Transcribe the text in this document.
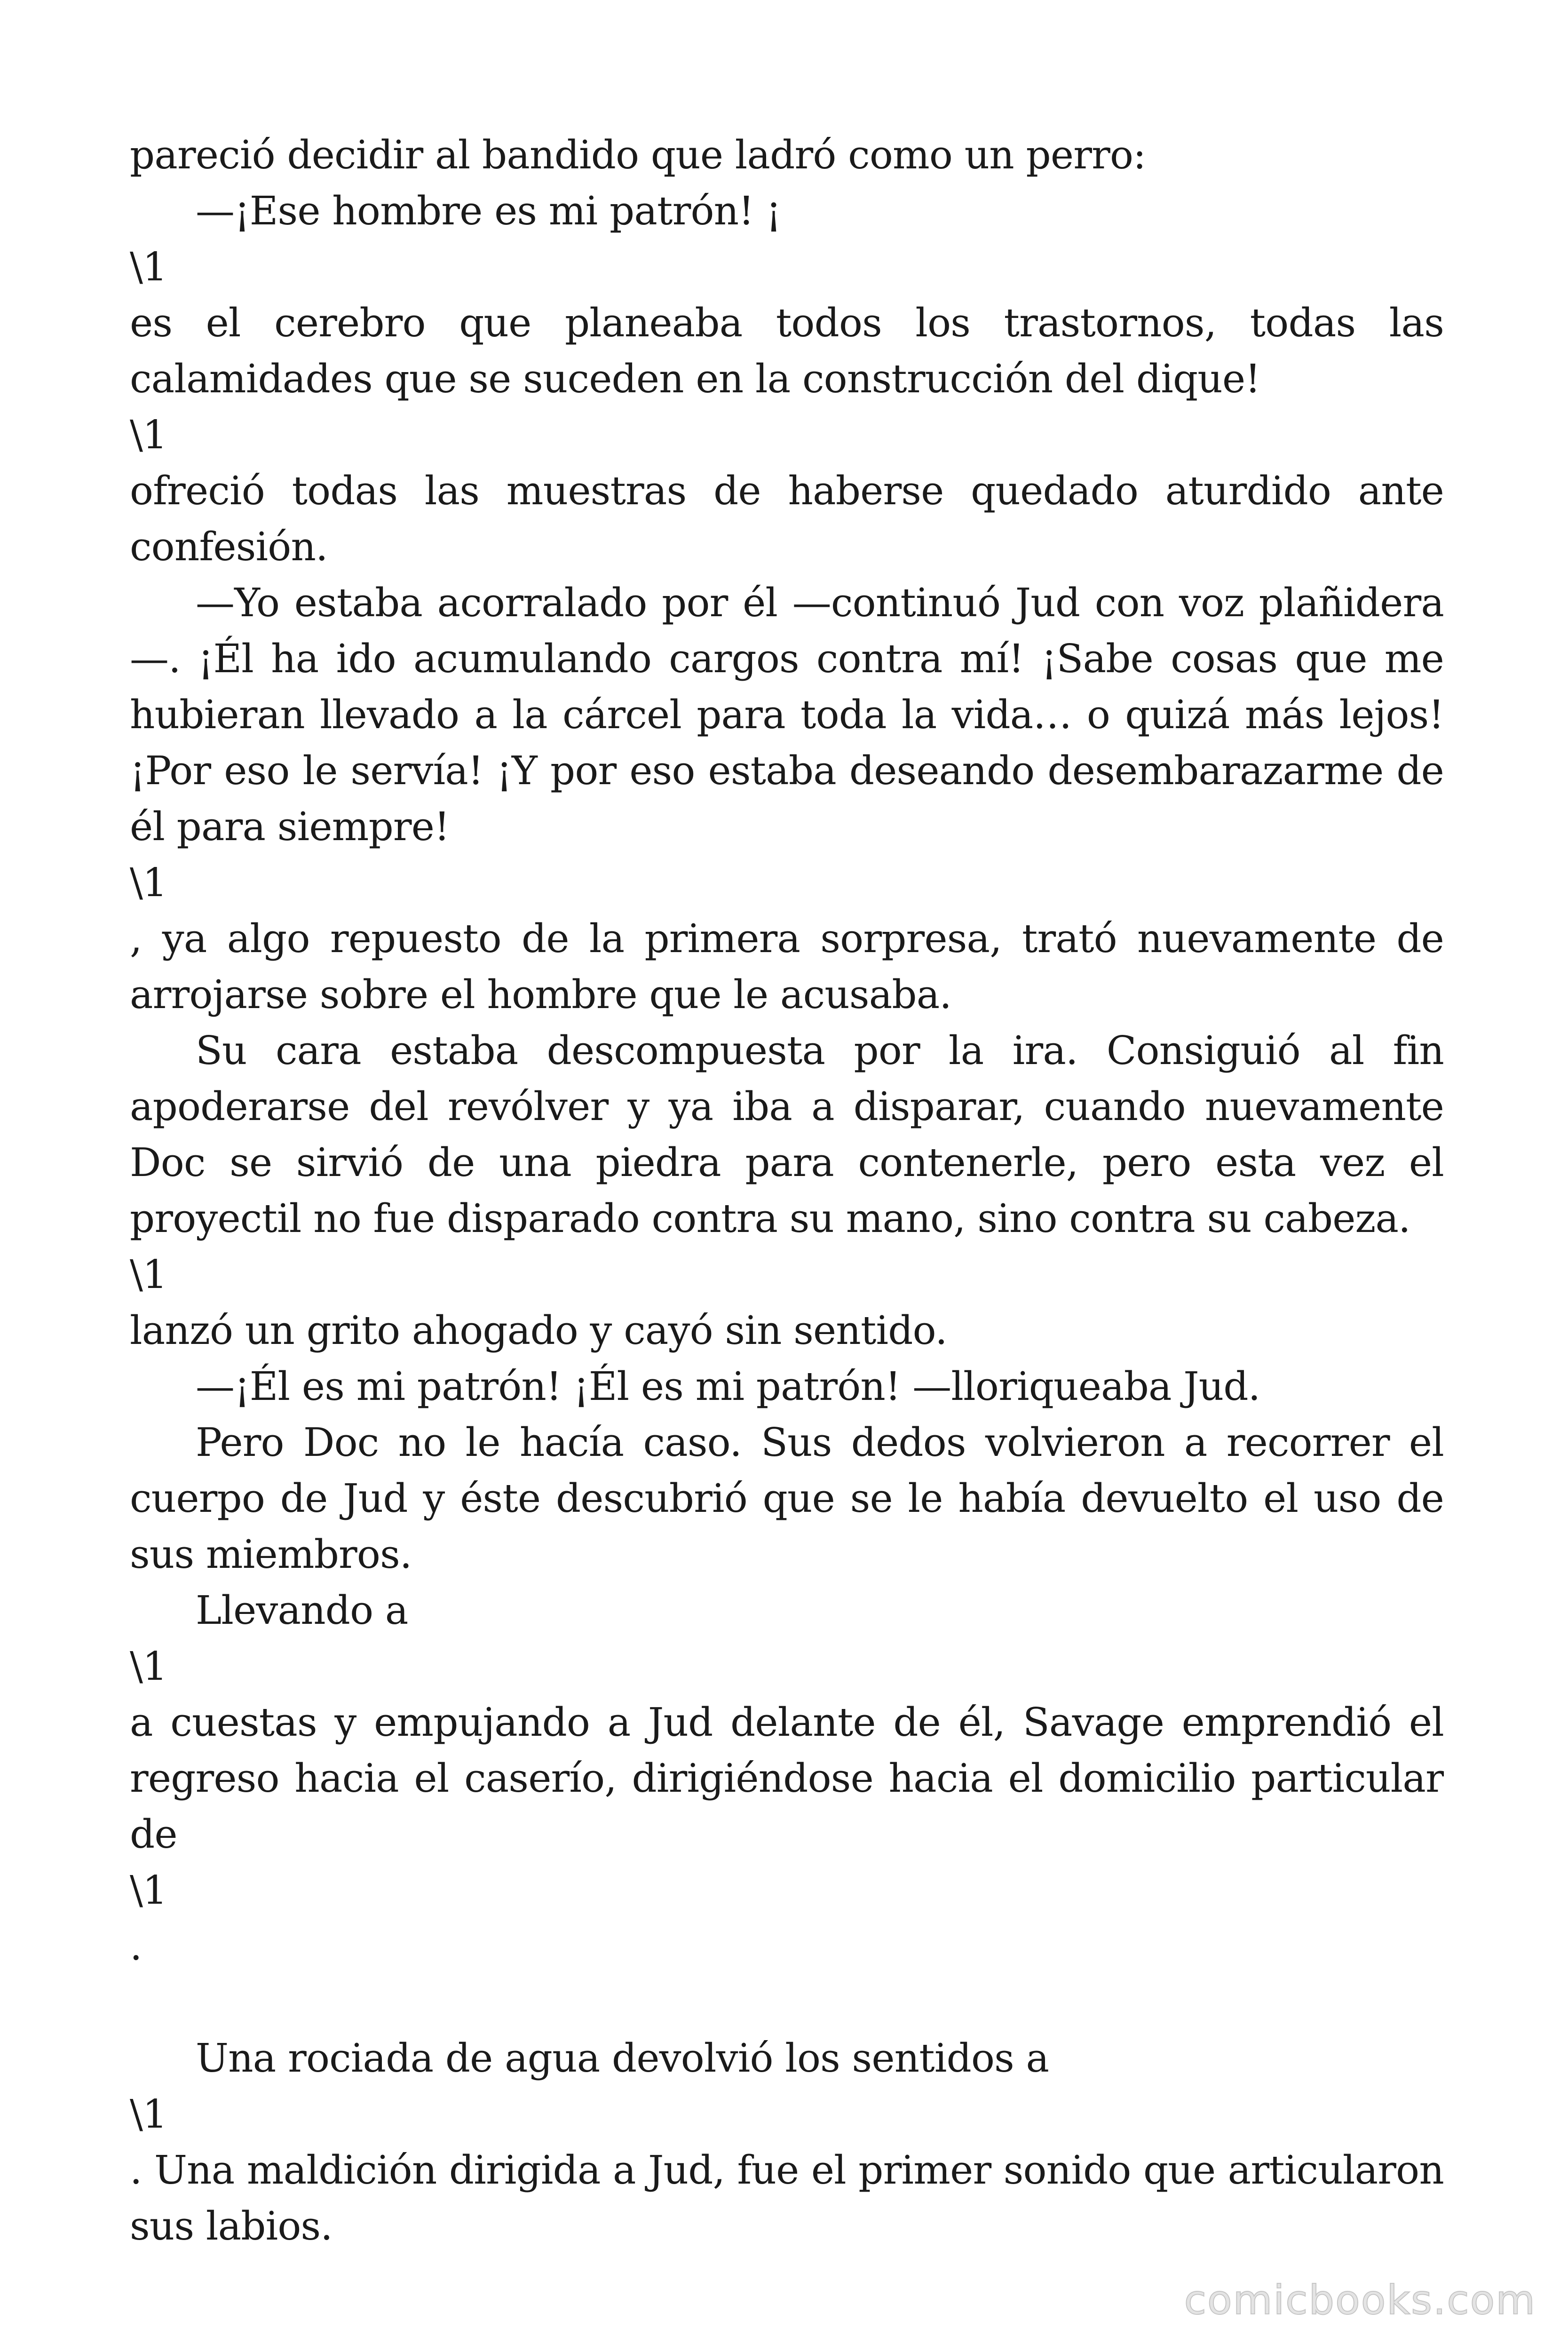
pareció decidir al bandido que ladró como un perro:
—¡Ese hombre es mi patrón! ¡
\1
es el cerebro que planeaba todos los trastornos, todas las
calamidades que se suceden en la construcción del dique!
\1
ofreció todas las muestras de haberse quedado aturdido ante
confesión.
—Yo estaba acorralado por él —continuó Jud con voz plañidera
—. ¡Él ha ido acumulando cargos contra mí! ¡Sabe cosas que me
hubieran llevado a la cárcel para toda la vida… o quizá más lejos!
¡Por eso le servía! ¡Y por eso estaba deseando desembarazarme de
él para siempre!
\1
, ya algo repuesto de la primera sorpresa, trató nuevamente de
arrojarse sobre el hombre que le acusaba.
Su cara estaba descompuesta por la ira. Consiguió al fin
apoderarse del revólver y ya iba a disparar, cuando nuevamente
Doc se sirvió de una piedra para contenerle, pero esta vez el
proyectil no fue disparado contra su mano, sino contra su cabeza.
\1
lanzó un grito ahogado y cayó sin sentido.
—¡Él es mi patrón! ¡Él es mi patrón! —lloriqueaba Jud.
Pero Doc no le hacía caso. Sus dedos volvieron a recorrer el
cuerpo de Jud y éste descubrió que se le había devuelto el uso de
sus miembros.
Llevando a
\1
a cuestas y empujando a Jud delante de él, Savage emprendió el
regreso hacia el caserío, dirigiéndose hacia el domicilio particular
de
\1
.
Una rociada de agua devolvió los sentidos a
\1
. Una maldición dirigida a Jud, fue el primer sonido que articularon
sus labios.
comicbooks.com
